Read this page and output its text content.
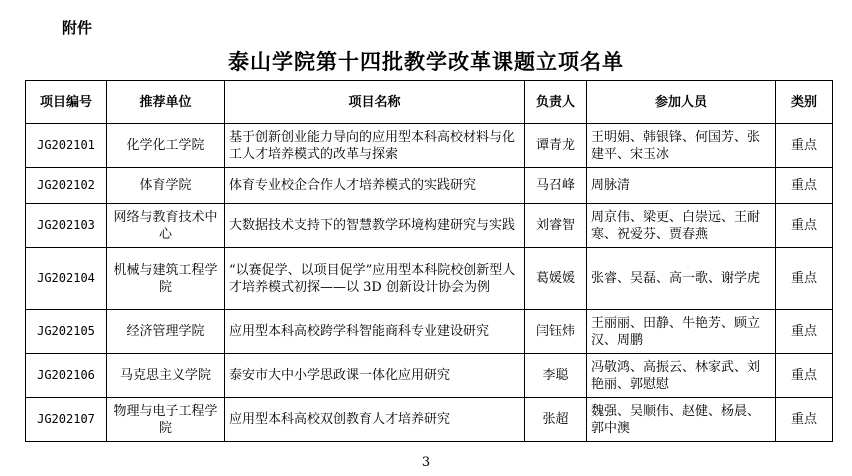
附件
泰山学院第十四批教学改革课题立项名单
项目编号	推荐单位	项目名称	负责人	参加人员	类别
JG202101	化学化工学院	基于创新创业能力导向的应用型本科高校材料与化工人才培养模式的改革与探索	谭青龙	王明娟、韩银锋、何国芳、张建平、宋玉冰	重点
JG202102	体育学院	体育专业校企合作人才培养模式的实践研究	马召峰	周脉清	重点
JG202103	网络与教育技术中心	大数据技术支持下的智慧教学环境构建研究与实践	刘睿智	周京伟、梁更、白崇远、王耐寒、祝爱芬、贾春燕	重点
JG202104	机械与建筑工程学院	“以赛促学、以项目促学”应用型本科院校创新型人才培养模式初探——以 3D 创新设计协会为例	葛媛媛	张睿、吴磊、高一歌、谢学虎	重点
JG202105	经济管理学院	应用型本科高校跨学科智能商科专业建设研究	闫钰炜	王丽丽、田静、牛艳芳、顾立汉、周鹏	重点
JG202106	马克思主义学院	泰安市大中小学思政课一体化应用研究	李聪	冯敬鸿、高振云、林家武、刘艳丽、郭慰慰	重点
JG202107	物理与电子工程学院	应用型本科高校双创教育人才培养研究	张超	魏强、吴顺伟、赵健、杨晨、郭中澳	重点
3
